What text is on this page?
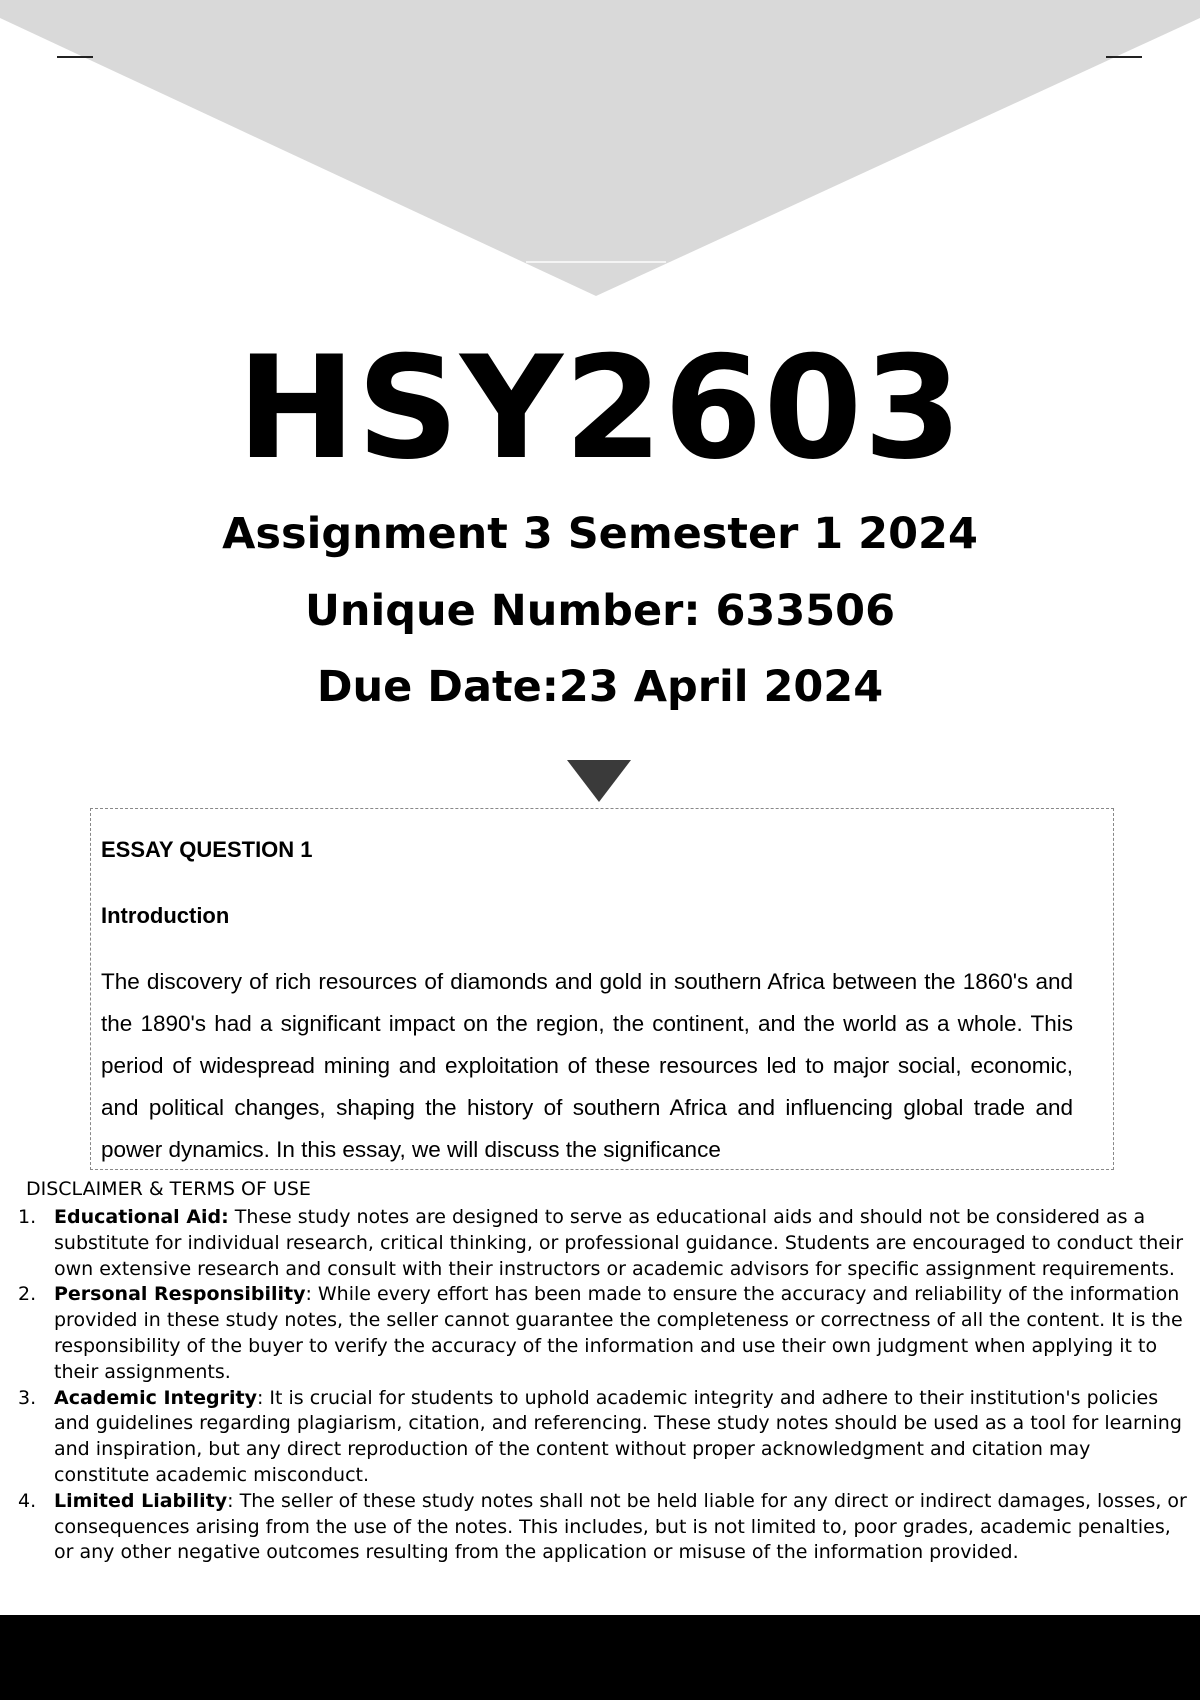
HSY2603
Assignment 3 Semester 1 2024
Unique Number: 633506
Due Date:23 April 2024
ESSAY QUESTION 1
Introduction
The discovery of rich resources of diamonds and gold in southern Africa between the 1860's and the 1890's had a significant impact on the region, the continent, and the world as a whole. This period of widespread mining and exploitation of these resources led to major social, economic, and political changes, shaping the history of southern Africa and influencing global trade and power dynamics. In this essay, we will discuss the significance
DISCLAIMER & TERMS OF USE
1. Educational Aid: These study notes are designed to serve as educational aids and should not be considered as a substitute for individual research, critical thinking, or professional guidance. Students are encouraged to conduct their own extensive research and consult with their instructors or academic advisors for specific assignment requirements.
2. Personal Responsibility: While every effort has been made to ensure the accuracy and reliability of the information provided in these study notes, the seller cannot guarantee the completeness or correctness of all the content. It is the responsibility of the buyer to verify the accuracy of the information and use their own judgment when applying it to their assignments.
3. Academic Integrity: It is crucial for students to uphold academic integrity and adhere to their institution's policies and guidelines regarding plagiarism, citation, and referencing. These study notes should be used as a tool for learning and inspiration, but any direct reproduction of the content without proper acknowledgment and citation may constitute academic misconduct.
4. Limited Liability: The seller of these study notes shall not be held liable for any direct or indirect damages, losses, or consequences arising from the use of the notes. This includes, but is not limited to, poor grades, academic penalties, or any other negative outcomes resulting from the application or misuse of the information provided.
